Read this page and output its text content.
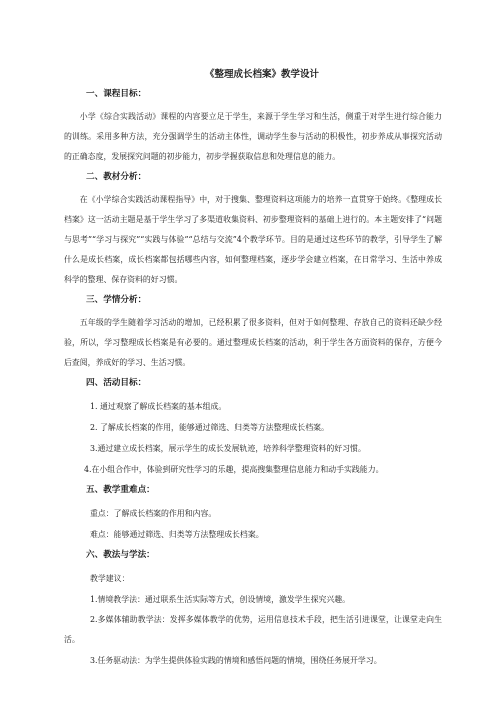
《整理成长档案》教学设计
一、课程目标：

小学《综合实践活动》课程的内容要立足于学生，来源于学生学习和生活，侧重于对学生进行综合能力的训练。采用多种方法，充分强调学生的活动主体性，调动学生参与活动的积极性，初步养成从事探究活动的正确态度，发展探究问题的初步能力，初步学握获取信息和处理信息的能力。

二、教材分析：

在《小学综合实践活动课程指导》中，对于搜集、整理资料这项能力的培养一直贯穿于始终。《整理成长档案》这一活动主题是基于学生学习了多渠道收集资料、初步整理资料的基础上进行的。本主题安排了“问题与思考”“学习与探究”“实践与体验”“总结与交流”4个教学环节。目的是通过这些环节的教学，引导学生了解什么是成长档案，成长档案都包括哪些内容，如何整理档案，逐步学会建立档案，在日常学习、生活中养成科学的整理、保存资料的好习惯。

三、学情分析：

五年级的学生随着学习活动的增加，已经积累了很多资料，但对于如何整理、存放自己的资料还缺少经验，所以，学习整理成长档案是有必要的。通过整理成长档案的活动，利于学生各方面资料的保存，方便今后查阅，养成好的学习、生活习惯。

四、活动目标：

1. 通过观察了解成长档案的基本组成。

2. 了解成长档案的作用，能够通过筛选、归类等方法整理成长档案。

3.通过建立成长档案，展示学生的成长发展轨迹，培养科学整理资料的好习惯。

4.在小组合作中，体验到研究性学习的乐趣，提高搜集整理信息能力和动手实践能力。

五、教学重难点：

重点：了解成长档案的作用和内容。

难点：能够通过筛选、归类等方法整理成长档案。

六、教法与学法：

教学建议：

1.情境教学法：通过联系生活实际等方式，创设情境，激发学生探究兴趣。

2.多媒体辅助教学法：发挥多媒体教学的优势，运用信息技术手段，把生活引进课堂，让课堂走向生活。

3.任务驱动法：为学生提供体验实践的情境和感悟问题的情境，围绕任务展开学习。
